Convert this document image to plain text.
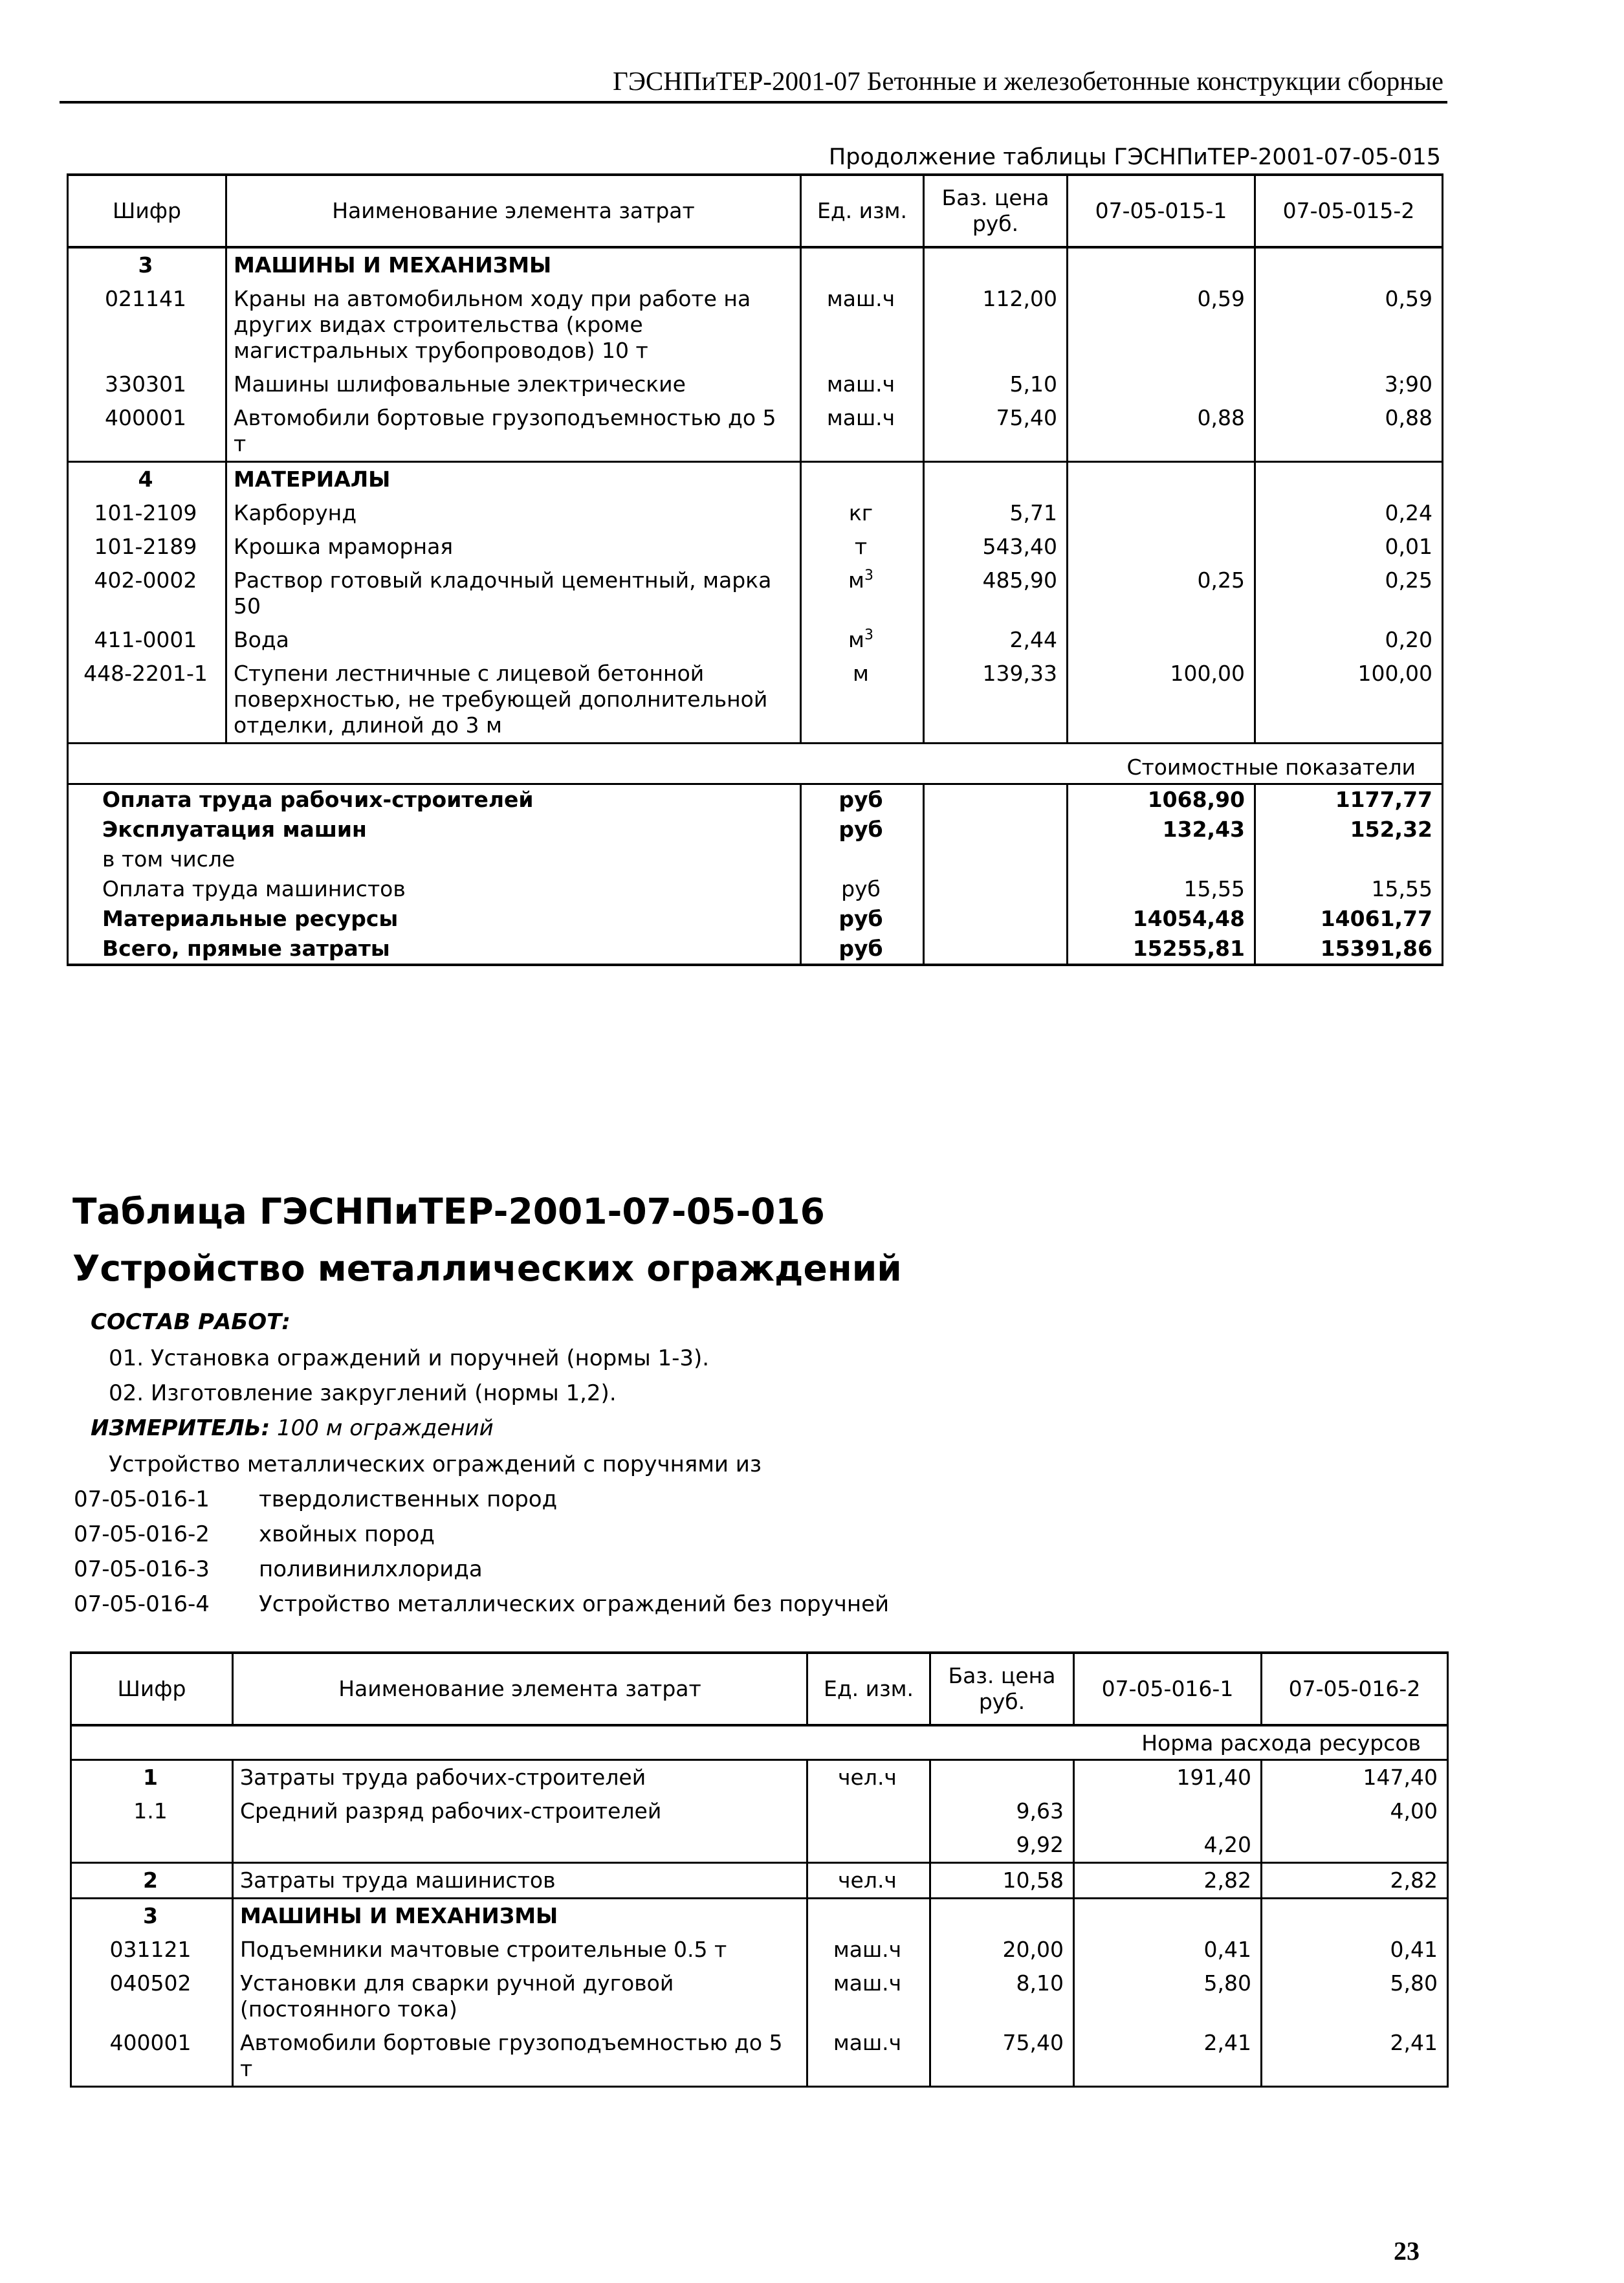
ГЭСНПиТЕР-2001-07 Бетонные и железобетонные конструкции сборные
Продолжение таблицы ГЭСНПиТЕР-2001-07-05-015
Шифр	Наименование элемента затрат	Ед. изм.	Баз. цена руб.	07-05-015-1	07-05-015-2
3	МАШИНЫ И МЕХАНИЗМЫ				
021141	Краны на автомобильном ходу при работе на других видах строительства (кроме магистральных трубопроводов) 10 т	маш.ч	112,00	0,59	0,59
330301	Машины шлифовальные электрические	маш.ч	5,10		3;90
400001	Автомобили бортовые грузоподъемностью до 5 т	маш.ч	75,40	0,88	0,88
4	МАТЕРИАЛЫ				
101-2109	Карборунд	кг	5,71		0,24
101-2189	Крошка мраморная	т	543,40		0,01
402-0002	Раствор готовый кладочный цементный, марка 50	$м^3$	485,90	0,25	0,25
411-0001	Вода	$м^3$	2,44		0,20
448-2201-1	Ступени лестничные с лицевой бетонной поверхностью, не требующей дополнительной отделки, длиной до 3 м	м	139,33	100,00	100,00
Стоимостные показатели					
Оплата труда рабочих-строителей		руб		1068,90	1177,77
Эксплуатация машин		руб		132,43	152,32
в том числе					
Оплата труда машинистов		руб		15,55	15,55
Материальные ресурсы		руб		14054,48	14061,77
Всего, прямые затраты		руб		15255,81	15391,86
Таблица ГЭСНПиТЕР-2001-07-05-016
Устройство металлических ограждений
СОСТАВ РАБОТ:
01. Установка ограждений и поручней (нормы 1-3).
02. Изготовление закруглений (нормы 1,2).
ИЗМЕРИТЕЛЬ: 100 м ограждений
Устройство металлических ограждений с поручнями из
07-05-016-1 твердолиственных пород
07-05-016-2 хвойных пород
07-05-016-3 поливинилхлорида
07-05-016-4 Устройство металлических ограждений без поручней
Шифр	Наименование элемента затрат	Ед. изм.	Баз. цена руб.	07-05-016-1	07-05-016-2
Норма расхода ресурсов					
1	Затраты труда рабочих-строителей	чел.ч		191,40	147,40
1.1	Средний разряд рабочих-строителей		9,63		4,00
			9,92	4,20	
2	Затраты труда машинистов	чел.ч	10,58	2,82	2,82
3	МАШИНЫ И МЕХАНИЗМЫ				
031121	Подъемники мачтовые строительные 0.5 т	маш.ч	20,00	0,41	0,41
040502	Установки для сварки ручной дуговой (постоянного тока)	маш.ч	8,10	5,80	5,80
400001	Автомобили бортовые грузоподъемностью до 5 т	маш.ч	75,40	2,41	2,41
23
